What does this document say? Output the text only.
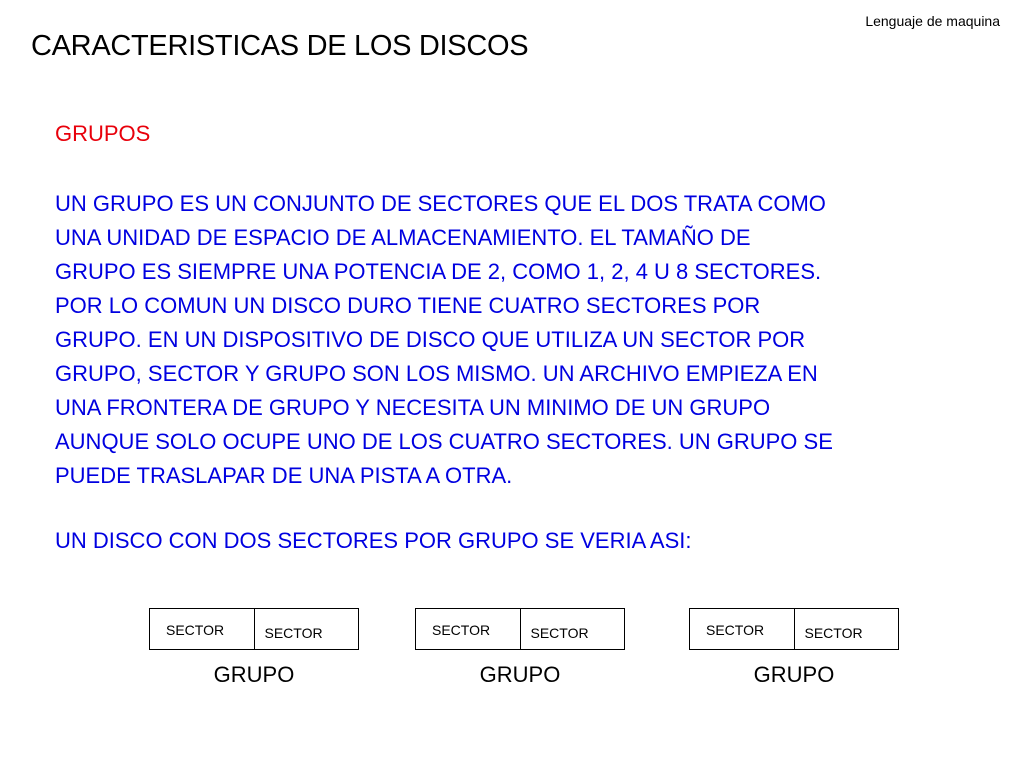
Lenguaje de maquina
CARACTERISTICAS DE LOS DISCOS
GRUPOS

UN GRUPO ES UN CONJUNTO DE SECTORES QUE EL DOS TRATA COMO
UNA UNIDAD DE ESPACIO DE ALMACENAMIENTO. EL TAMAÑO DE
GRUPO ES SIEMPRE UNA POTENCIA DE 2, COMO 1, 2, 4 U 8 SECTORES.
POR LO COMUN UN DISCO DURO TIENE CUATRO SECTORES POR
GRUPO. EN UN DISPOSITIVO DE DISCO QUE UTILIZA UN SECTOR POR
GRUPO, SECTOR Y GRUPO SON LOS MISMO. UN ARCHIVO EMPIEZA EN
UNA FRONTERA DE GRUPO Y NECESITA UN MINIMO DE UN GRUPO
AUNQUE SOLO OCUPE UNO DE LOS CUATRO SECTORES. UN GRUPO SE
PUEDE TRASLAPAR DE UNA PISTA A OTRA.

UN DISCO CON DOS SECTORES POR GRUPO SE VERIA ASI:

SECTOR	SECTOR
GRUPO
SECTOR	SECTOR
GRUPO
SECTOR	SECTOR
GRUPO
